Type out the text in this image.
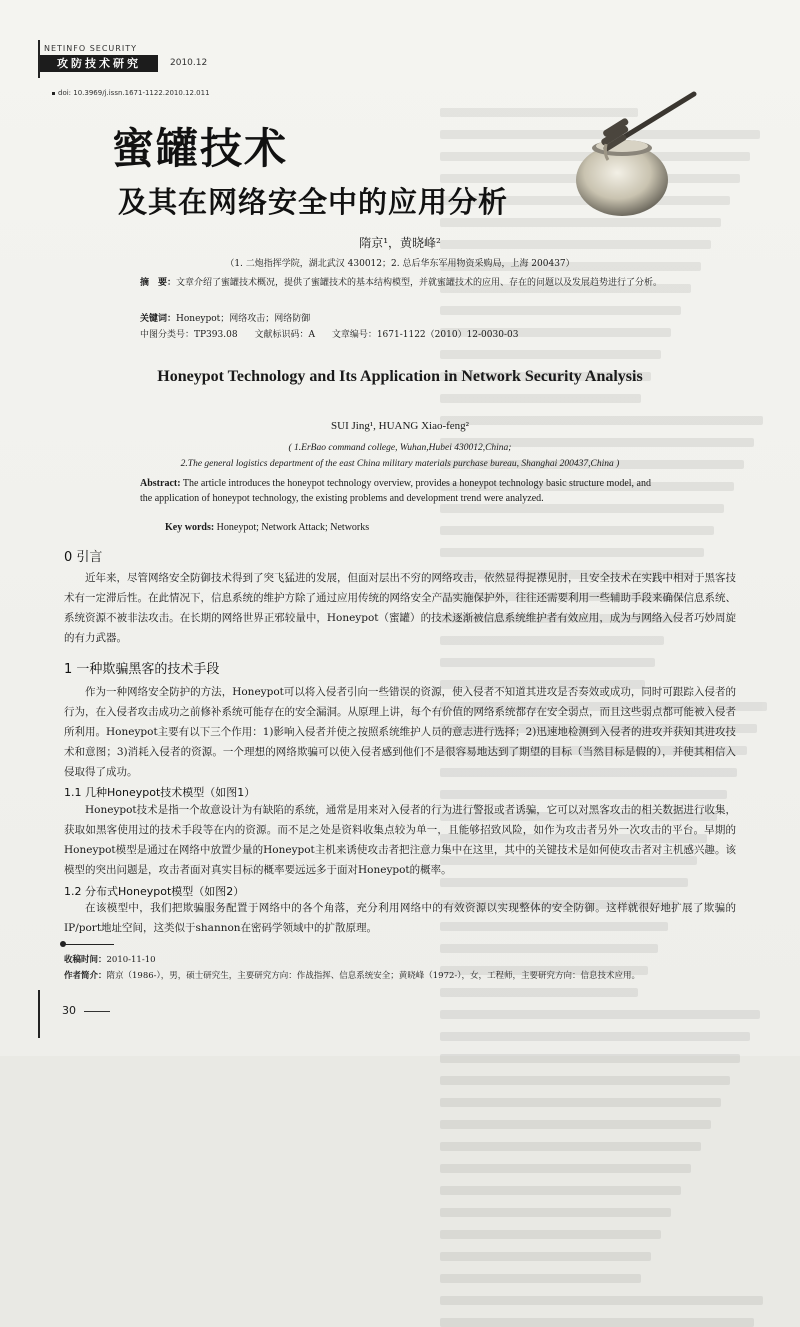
NETINFO SECURITY
攻防技术研究	2010.12
doi: 10.3969/j.issn.1671-1122.2010.12.011
蜜罐技术
及其在网络安全中的应用分析
隋京¹，黄晓峰²
（1. 二炮指挥学院，湖北武汉 430012；2. 总后华东军用物资采购局，上海 200437）
摘　要：文章介绍了蜜罐技术概况，提供了蜜罐技术的基本结构模型，并就蜜罐技术的应用、存在的问题以及发展趋势进行了分析。
关键词：Honeypot；网络攻击；网络防御
中图分类号：TP393.08 文献标识码：A 文章编号：1671-1122（2010）12-0030-03
Honeypot Technology and Its Application in Network Security Analysis
SUI Jing¹, HUANG Xiao-feng²
( 1.ErBao command college, Wuhan,Hubei 430012,China;
2.The general logistics department of the east China military materials purchase bureau, Shanghai 200437,China )
Abstract: The article introduces the honeypot technology overview, provides a honeypot technology basic structure model, and the application of honeypot technology, the existing problems and development trend were analyzed.
Key words: Honeypot; Network Attack; Networks
0 引言
近年来，尽管网络安全防御技术得到了突飞猛进的发展，但面对层出不穷的网络攻击，依然显得捉襟见肘，且安全技术在实践中相对于黑客技术有一定滞后性。在此情况下，信息系统的维护方除了通过应用传统的网络安全产品实施保护外，往往还需要利用一些辅助手段来确保信息系统、系统资源不被非法攻击。在长期的网络世界正邪较量中，Honeypot（蜜罐）的技术逐渐被信息系统维护者有效应用，成为与网络入侵者巧妙周旋的有力武器。
1 一种欺骗黑客的技术手段
作为一种网络安全防护的方法，Honeypot可以将入侵者引向一些错误的资源，使入侵者不知道其进攻是否奏效或成功，同时可跟踪入侵者的行为，在入侵者攻击成功之前修补系统可能存在的安全漏洞。从原理上讲，每个有价值的网络系统都存在安全弱点，而且这些弱点都可能被入侵者所利用。Honeypot主要有以下三个作用：1)影响入侵者并使之按照系统维护人员的意志进行选择；2)迅速地检测到入侵者的进攻并获知其进攻技术和意图；3)消耗入侵者的资源。一个理想的网络欺骗可以使入侵者感到他们不是很容易地达到了期望的目标（当然目标是假的），并使其相信入侵取得了成功。
1.1 几种Honeypot技术模型（如图1）
Honeypot技术是指一个故意设计为有缺陷的系统，通常是用来对入侵者的行为进行警报或者诱骗，它可以对黑客攻击的相关数据进行收集，获取如黑客使用过的技术手段等在内的资源。而不足之处是资料收集点较为单一，且能够招致风险，如作为攻击者另外一次攻击的平台。早期的Honeypot模型是通过在网络中放置少量的Honeypot主机来诱使攻击者把注意力集中在这里，其中的关键技术是如何使攻击者对主机感兴趣。该模型的突出问题是，攻击者面对真实目标的概率要远远多于面对Honeypot的概率。
1.2 分布式Honeypot模型（如图2）
在该模型中，我们把欺骗服务配置于网络中的各个角落，充分利用网络中的有效资源以实现整体的安全防御。这样就很好地扩展了欺骗的IP/port地址空间，这类似于shannon在密码学领域中的扩散原理。
收稿时间：2010-11-10
作者简介：隋京（1986-），男，硕士研究生，主要研究方向：作战指挥、信息系统安全；黄晓峰（1972-），女，工程师，主要研究方向：信息技术应用。
30
